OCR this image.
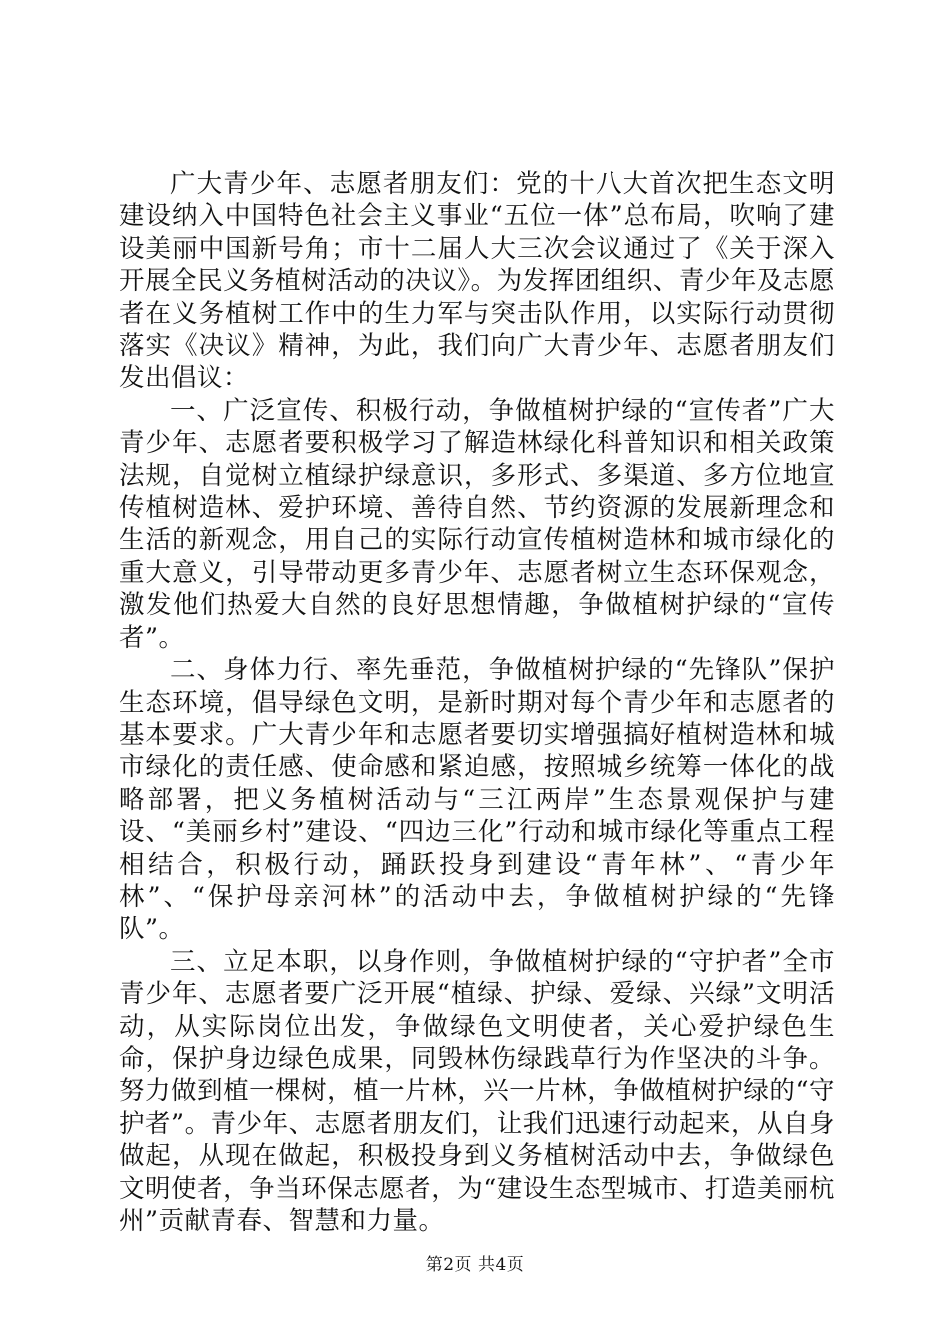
广大青少年、志愿者朋友们：党的十八大首次把生态文明建设纳入中国特色社会主义事业“五位一体”总布局，吹响了建设美丽中国新号角；市十二届人大三次会议通过了《关于深入开展全民义务植树活动的决议》。为发挥团组织、青少年及志愿者在义务植树工作中的生力军与突击队作用，以实际行动贯彻落实《决议》精神，为此，我们向广大青少年、志愿者朋友们发出倡议：

一、广泛宣传、积极行动，争做植树护绿的“宣传者”广大青少年、志愿者要积极学习了解造林绿化科普知识和相关政策法规，自觉树立植绿护绿意识，多形式、多渠道、多方位地宣传植树造林、爱护环境、善待自然、节约资源的发展新理念和生活的新观念，用自己的实际行动宣传植树造林和城市绿化的重大意义，引导带动更多青少年、志愿者树立生态环保观念，激发他们热爱大自然的良好思想情趣，争做植树护绿的“宣传者”。

二、身体力行、率先垂范，争做植树护绿的“先锋队”保护生态环境，倡导绿色文明，是新时期对每个青少年和志愿者的基本要求。广大青少年和志愿者要切实增强搞好植树造林和城市绿化的责任感、使命感和紧迫感，按照城乡统筹一体化的战略部署，把义务植树活动与“三江两岸”生态景观保护与建设、“美丽乡村”建设、“四边三化”行动和城市绿化等重点工程相结合，积极行动，踊跃投身到建设“青年林”、“青少年林”、“保护母亲河林”的活动中去，争做植树护绿的“先锋队”。

三、立足本职，以身作则，争做植树护绿的“守护者”全市青少年、志愿者要广泛开展“植绿、护绿、爱绿、兴绿”文明活动，从实际岗位出发，争做绿色文明使者，关心爱护绿色生命，保护身边绿色成果，同毁林伤绿践草行为作坚决的斗争。努力做到植一棵树，植一片林，兴一片林，争做植树护绿的“守护者”。青少年、志愿者朋友们，让我们迅速行动起来，从自身做起，从现在做起，积极投身到义务植树活动中去，争做绿色文明使者，争当环保志愿者，为“建设生态型城市、打造美丽杭州”贡献青春、智慧和力量。

第2页 共4页
